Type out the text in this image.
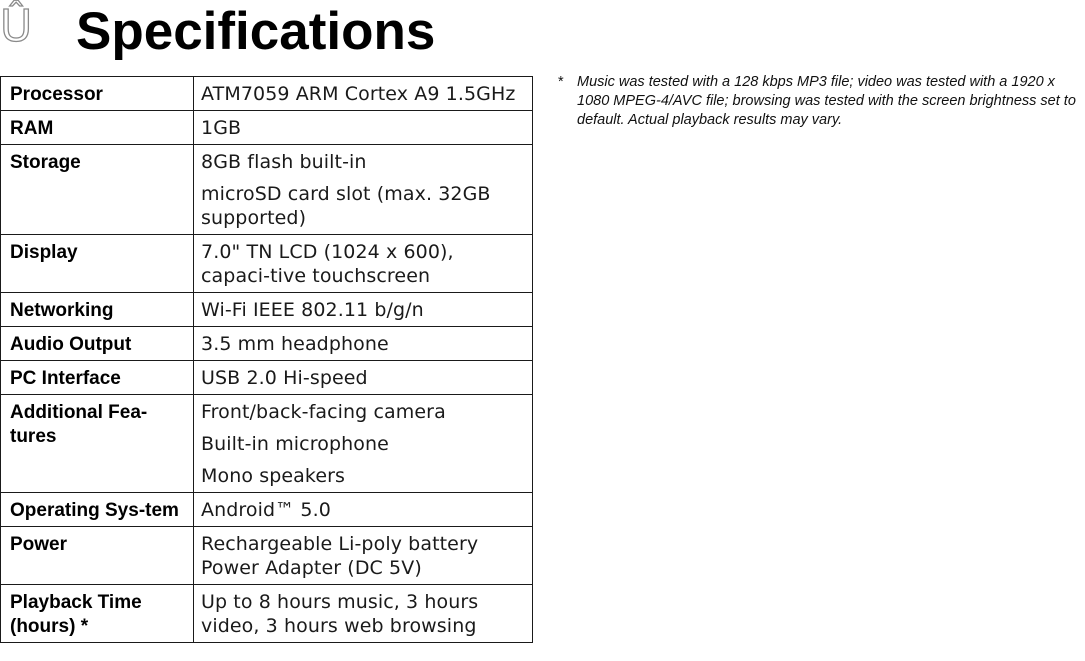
Û Specifications
Processor	ATM7059 ARM Cortex A9 1.5GHz

RAM	1GB

Storage	8GB flash built-in
microSD card slot (max. 32GB supported)

Display	7.0" TN LCD (1024 x 600), capaci-tive touchscreen

Networking	Wi-Fi IEEE 802.11 b/g/n

Audio Output	3.5 mm headphone

PC Interface	USB 2.0 Hi-speed

Additional Fea-tures	Front/back-facing camera
Built-in microphone
Mono speakers

Operating Sys-tem	Android™ 5.0

Power	Rechargeable Li-poly battery
Power Adapter (DC 5V)

Playback Time (hours) *	Up to 8 hours music, 3 hours video, 3 hours web browsing
* Music was tested with a 128 kbps MP3 file; video was tested with a 1920 x 1080 MPEG-4/AVC file; browsing was tested with the screen brightness set to default. Actual playback results may vary.
